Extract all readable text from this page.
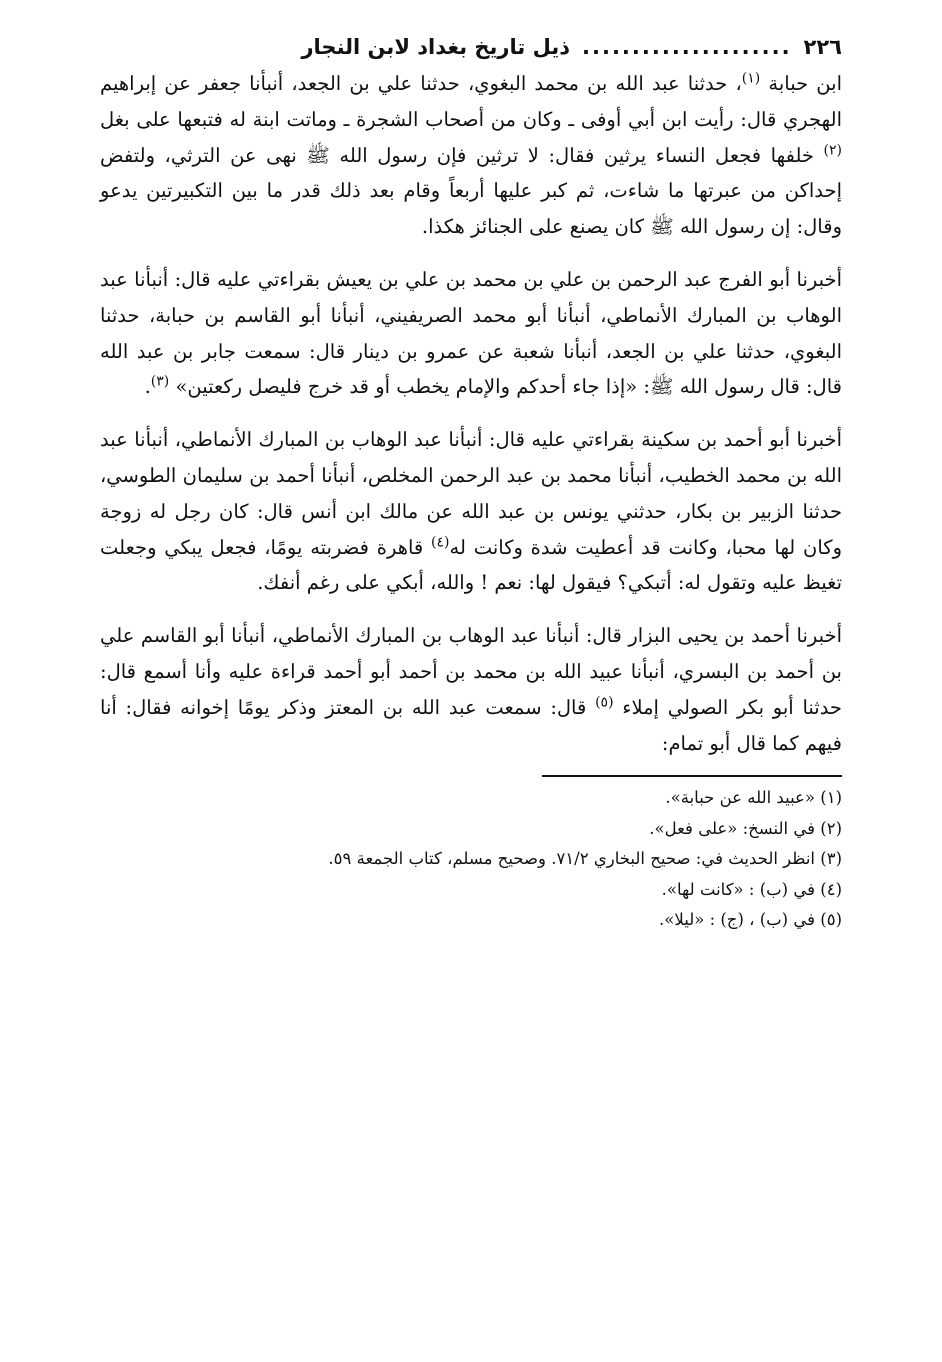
٢٢٦
.....................
ذيل تاريخ بغداد لابن النجار

ابن حبابة $^{(١)}$، حدثنا عبد الله بن محمد البغوي، حدثنا علي بن الجعد، أنبأنا جعفر عن إبراهيم الهجري قال: رأيت ابن أبي أوفى ـ وكان من أصحاب الشجرة ـ وماتت ابنة له فتبعها على بغل $^{(٢)}$ خلفها فجعل النساء يرثين فقال: لا ترثين فإن رسول الله ﷺ نهى عن الترثي، ولتفض إحداكن من عبرتها ما شاءت، ثم كبر عليها أربعاً وقام بعد ذلك قدر ما بين التكبيرتين يدعو وقال: إن رسول الله ﷺ كان يصنع على الجنائز هكذا.

أخبرنا أبو الفرج عبد الرحمن بن علي بن محمد بن علي بن يعيش بقراءتي عليه قال: أنبأنا عبد الوهاب بن المبارك الأنماطي، أنبأنا أبو محمد الصريفيني، أنبأنا أبو القاسم بن حبابة، حدثنا البغوي، حدثنا علي بن الجعد، أنبأنا شعبة عن عمرو بن دينار قال: سمعت جابر بن عبد الله قال: قال رسول الله ﷺ: «إذا جاء أحدكم والإمام يخطب أو قد خرج فليصل ركعتين» $^{(٣)}$.

أخبرنا أبو أحمد بن سكينة بقراءتي عليه قال: أنبأنا عبد الوهاب بن المبارك الأنماطي، أنبأنا عبد الله بن محمد الخطيب، أنبأنا محمد بن عبد الرحمن المخلص، أنبأنا أحمد بن سليمان الطوسي، حدثنا الزبير بن بكار، حدثني يونس بن عبد الله عن مالك ابن أنس قال: كان رجل له زوجة وكان لها محبا، وكانت قد أعطيت شدة وكانت له$^{(٤)}$ قاهرة فضربته يومًا، فجعل يبكي وجعلت تغيظ عليه وتقول له: أتبكي؟ فيقول لها: نعم ! والله، أبكي على رغم أنفك.

أخبرنا أحمد بن يحيى البزار قال: أنبأنا عبد الوهاب بن المبارك الأنماطي، أنبأنا أبو القاسم علي بن أحمد بن البسري، أنبأنا عبيد الله بن محمد بن أحمد أبو أحمد قراءة عليه وأنا أسمع قال: حدثنا أبو بكر الصولي إملاء $^{(٥)}$ قال: سمعت عبد الله بن المعتز وذكر يومًا إخوانه فقال: أنا فيهم كما قال أبو تمام:

(١) «عبيد الله عن حبابة».
(٢) في النسخ: «على فعل».
(٣) انظر الحديث في: صحيح البخاري ٧١/٢. وصحيح مسلم، كتاب الجمعة ٥٩.
(٤) في (ب) : «كانت لها».
(٥) في (ب) ، (ج) : «ليلا».
